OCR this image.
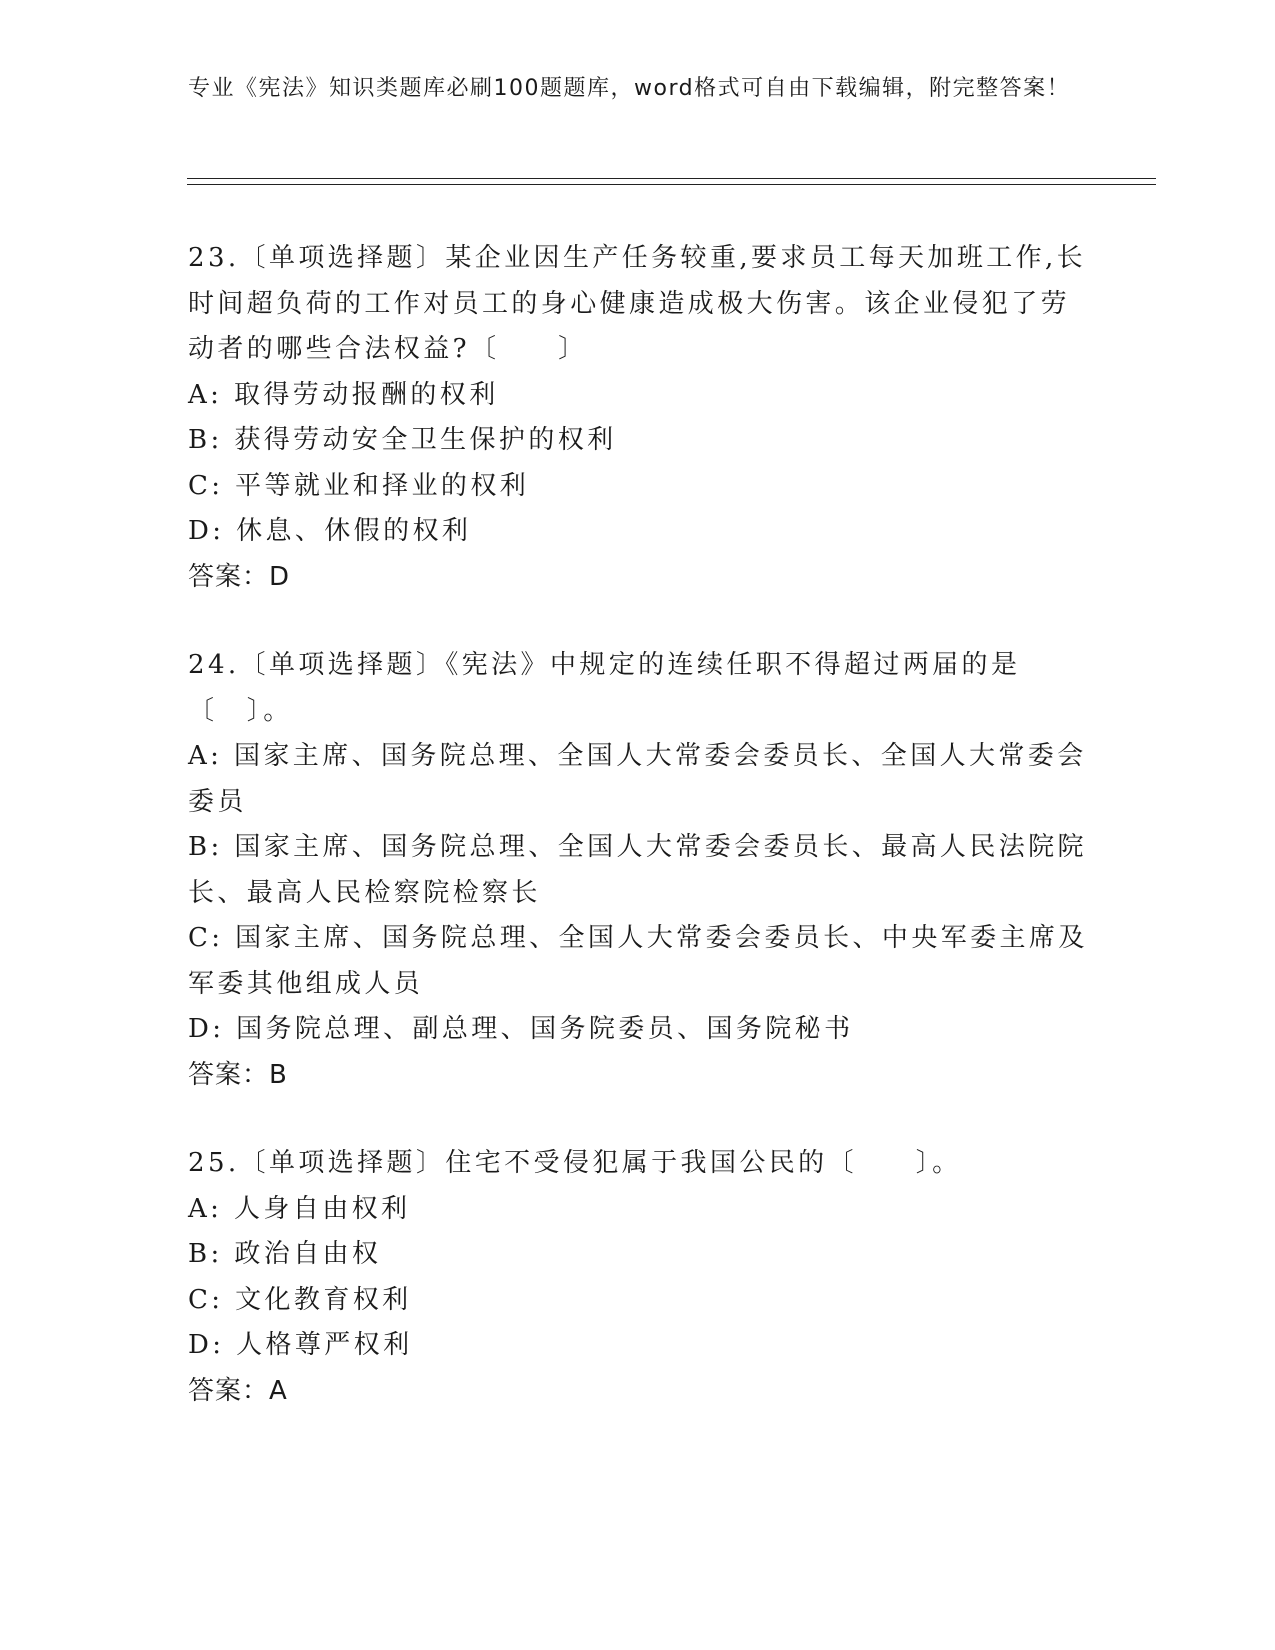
专业《宪法》知识类题库必刷100题题库，word格式可自由下载编辑，附完整答案！

23.〔单项选择题〕某企业因生产任务较重,要求员工每天加班工作,长时间超负荷的工作对员工的身心健康造成极大伤害。该企业侵犯了劳动者的哪些合法权益?〔　　〕

A: 取得劳动报酬的权利

B: 获得劳动安全卫生保护的权利

C: 平等就业和择业的权利

D: 休息、休假的权利

答案：D

24.〔单项选择题〕《宪法》中规定的连续任职不得超过两届的是〔　〕。

A: 国家主席、国务院总理、全国人大常委会委员长、全国人大常委会委员

B: 国家主席、国务院总理、全国人大常委会委员长、最高人民法院院长、最高人民检察院检察长

C: 国家主席、国务院总理、全国人大常委会委员长、中央军委主席及军委其他组成人员

D: 国务院总理、副总理、国务院委员、国务院秘书

答案：B

25.〔单项选择题〕住宅不受侵犯属于我国公民的〔　　〕。

A: 人身自由权利

B: 政治自由权

C: 文化教育权利

D: 人格尊严权利

答案：A
